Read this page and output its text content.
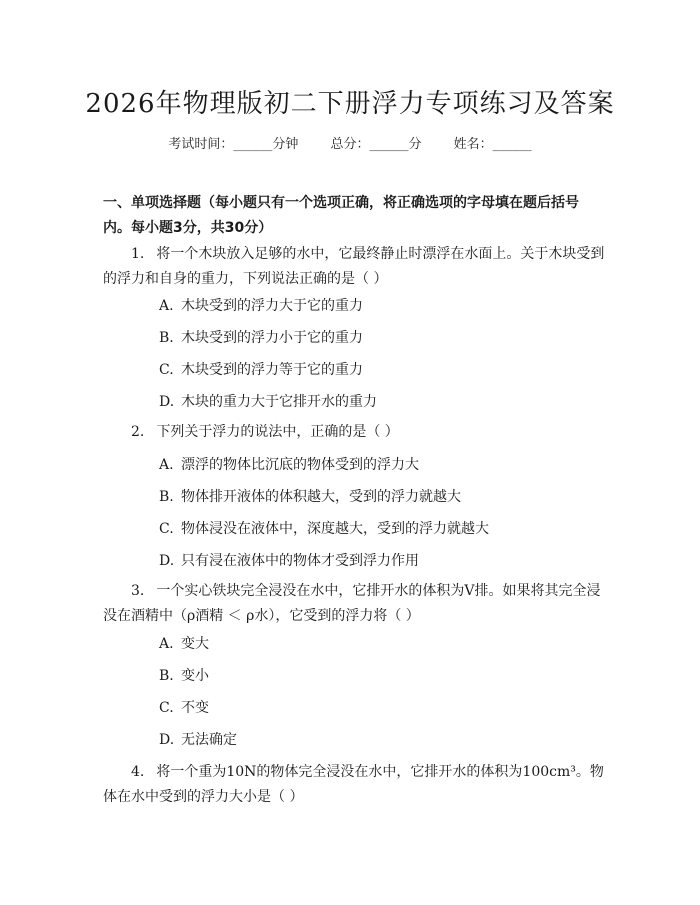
2026年物理版初二下册浮力专项练习及答案
考试时间：______分钟 总分：______分 姓名：______
一、单项选择题（每小题只有一个选项正确，将正确选项的字母填在题后括号内。每小题3分，共30分）
1. 将一个木块放入足够的水中，它最终静止时漂浮在水面上。关于木块受到的浮力和自身的重力，下列说法正确的是（ ）
A. 木块受到的浮力大于它的重力
B. 木块受到的浮力小于它的重力
C. 木块受到的浮力等于它的重力
D. 木块的重力大于它排开水的重力
2. 下列关于浮力的说法中，正确的是（ ）
A. 漂浮的物体比沉底的物体受到的浮力大
B. 物体排开液体的体积越大，受到的浮力就越大
C. 物体浸没在液体中，深度越大，受到的浮力就越大
D. 只有浸在液体中的物体才受到浮力作用
3. 一个实心铁块完全浸没在水中，它排开水的体积为V排。如果将其完全浸没在酒精中（ρ酒精 ＜ ρ水），它受到的浮力将（ ）
A. 变大
B. 变小
C. 不变
D. 无法确定
4. 将一个重为10N的物体完全浸没在水中，它排开水的体积为100cm³。物体在水中受到的浮力大小是（ ）
